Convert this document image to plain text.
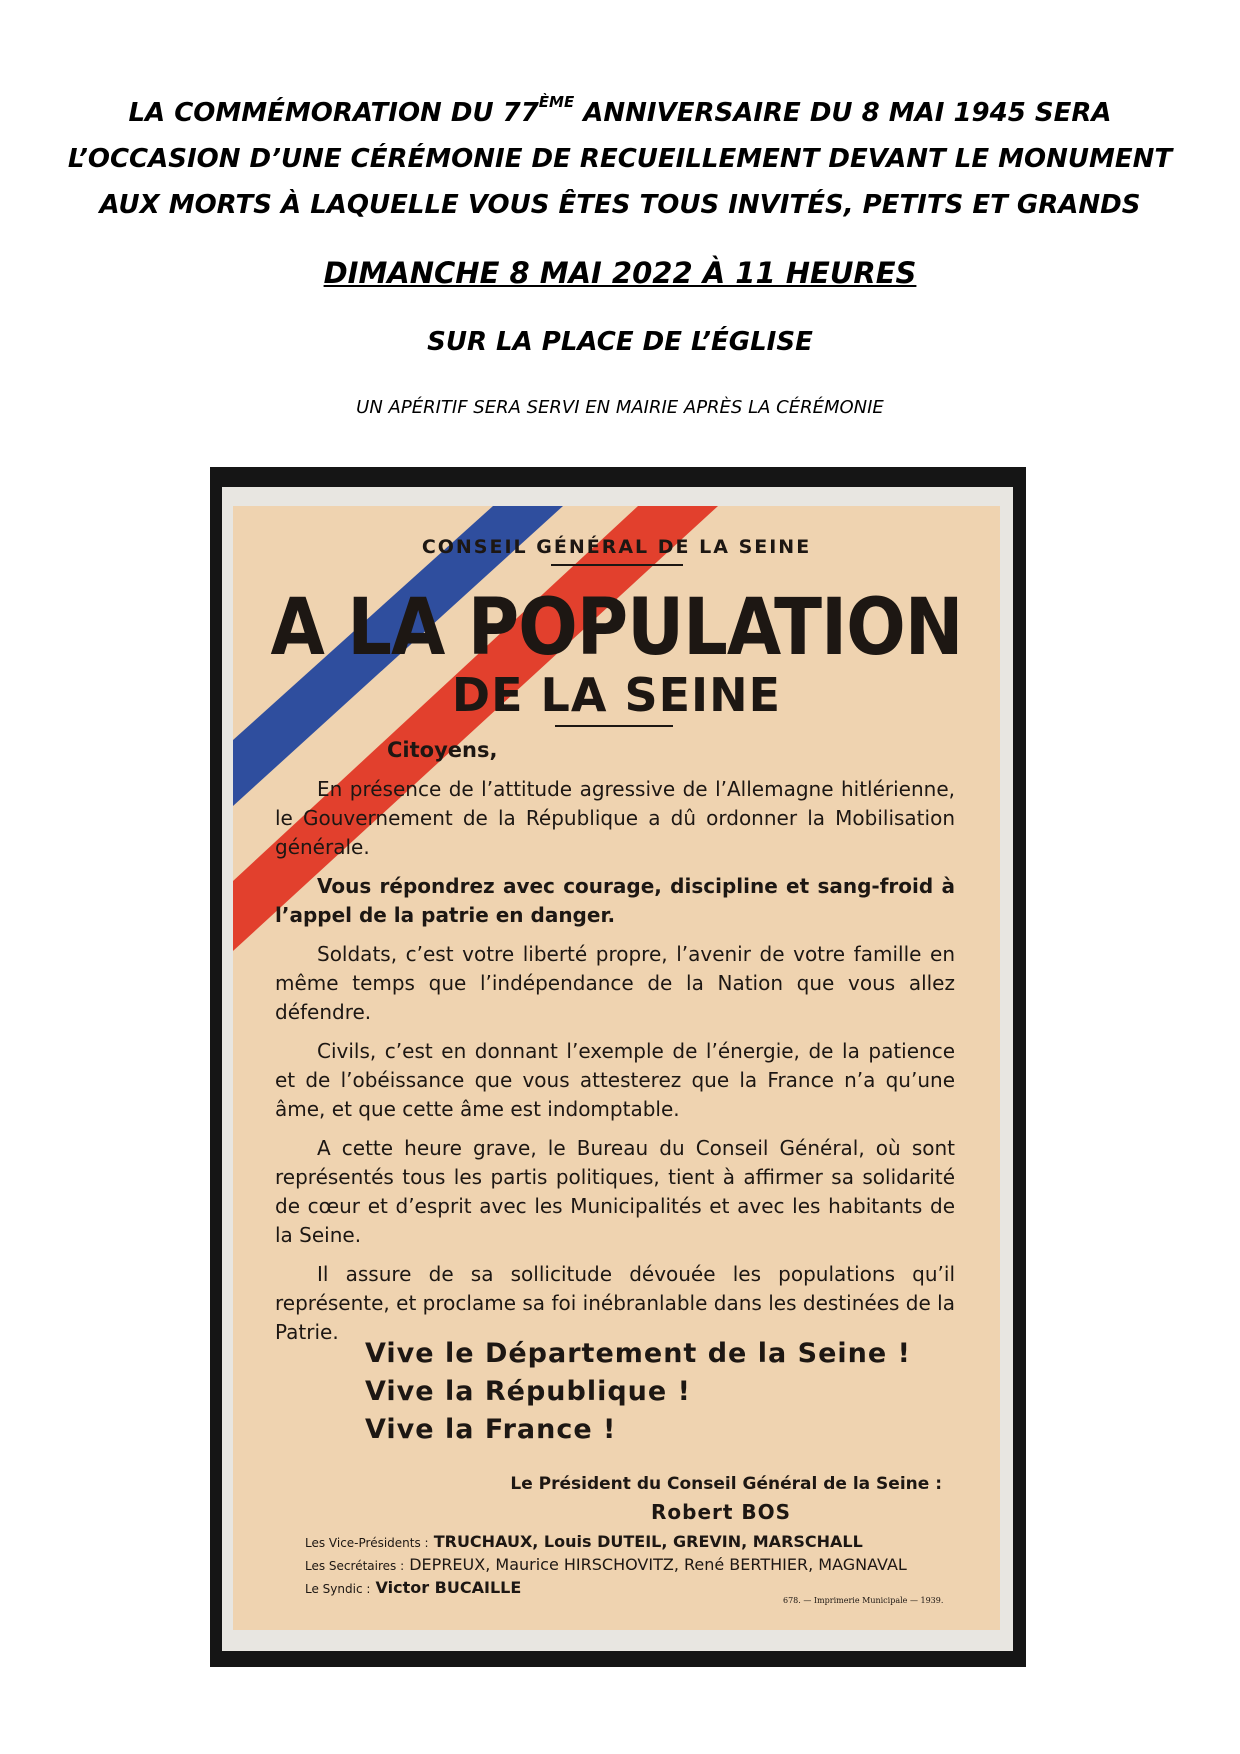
LA COMMÉMORATION DU 77ÈME ANNIVERSAIRE DU 8 MAI 1945 SERA
L’OCCASION D’UNE CÉRÉMONIE DE RECUEILLEMENT DEVANT LE MONUMENT
AUX MORTS À LAQUELLE VOUS ÊTES TOUS INVITÉS, PETITS ET GRANDS
DIMANCHE 8 MAI 2022 À 11 HEURES
SUR LA PLACE DE L’ÉGLISE
UN APÉRITIF SERA SERVI EN MAIRIE APRÈS LA CÉRÉMONIE
CONSEIL GÉNÉRAL DE LA SEINE
A LA POPULATION
DE LA SEINE
Citoyens,

En présence de l’attitude agressive de l’Allemagne hitlérienne, le Gouvernement de la République a dû ordonner la Mobilisation générale.

Vous répondrez avec courage, discipline et sang-froid à l’appel de la patrie en danger.

Soldats, c’est votre liberté propre, l’avenir de votre famille en même temps que l’indépendance de la Nation que vous allez défendre.

Civils, c’est en donnant l’exemple de l’énergie, de la patience et de l’obéissance que vous attesterez que la France n’a qu’une âme, et que cette âme est indomptable.

A cette heure grave, le Bureau du Conseil Général, où sont représentés tous les partis politiques, tient à affirmer sa solidarité de cœur et d’esprit avec les Municipalités et avec les habitants de la Seine.

Il assure de sa sollicitude dévouée les populations qu’il représente, et proclame sa foi inébranlable dans les destinées de la Patrie.

Vive le Département de la Seine !
Vive la République !
Vive la France !
Le Président du Conseil Général de la Seine :
Robert BOS
Les Vice-Présidents : TRUCHAUX, Louis DUTEIL, GREVIN, MARSCHALL
Les Secrétaires : DEPREUX, Maurice HIRSCHOVITZ, René BERTHIER, MAGNAVAL
Le Syndic : Victor BUCAILLE
678. — Imprimerie Municipale — 1939.
